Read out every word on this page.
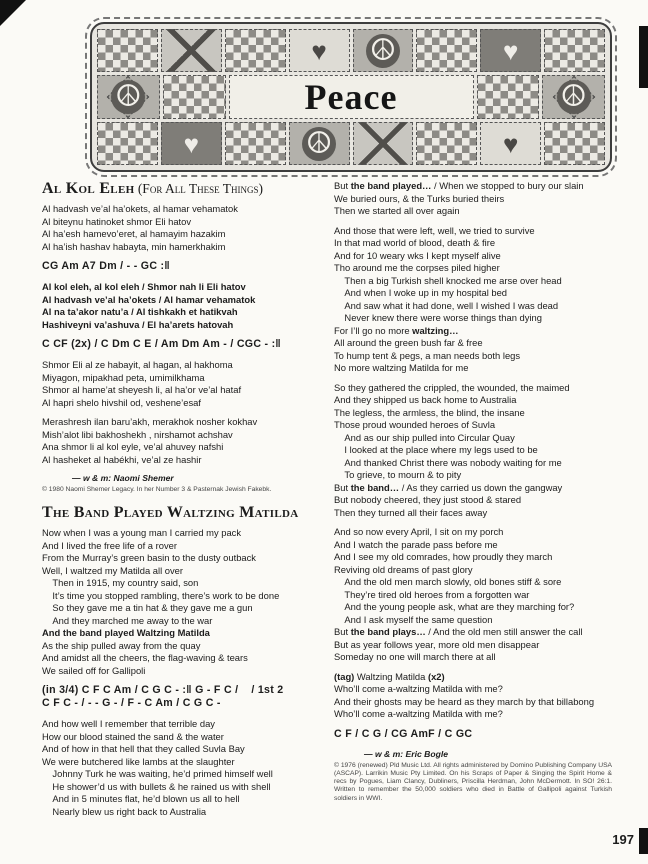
197
♥ ☮	♥
☮	Peace	☮
♥	☮	♥
Al Kol Eleh (For All These Things)
Al hadvash ve’al ha’okets, al hamar vehamatok
Al biteynu hatinoket shmor Eli hatov
Al ha’esh hamevo’eret, al hamayim hazakim
Al ha’ish hashav habayta, min hamerkhakim
CG Am A7 Dm / - - GC :‖
Al kol eleh, al kol eleh / Shmor nah li Eli hatov
Al hadvash ve’al ha’okets / Al hamar vehamatok
Al na ta’akor natu’a / Al tishkakh et hatikvah
Hashiveyni va’ashuva / El ha’arets hatovah
C CF (2x) / C Dm C E / Am Dm Am - / CGC - :‖
Shmor Eli al ze habayit, al hagan, al hakhoma
Miyagon, mipakhad peta, umimilkhama
Shmor al hame’at sheyesh li, al ha’or ve’al hataf
Al hapri shelo hivshil od, veshene’esaf
Merashresh ilan baru’akh, merakhok nosher kokhav
Mish’alot libi bakhoshekh , nirshamot achshav
Ana shmor li al kol eyle, ve’al ahuvey nafshi
Al hasheket al habékhi, ve’al ze hashir
— w & m: Naomi Shemer
© 1980 Naomi Shemer Legacy. In her Number 3 & Pasternak Jewish Fakebk.
The Band Played Waltzing Matilda
Now when I was a young man I carried my pack
And I lived the free life of a rover
From the Murray’s green basin to the dusty outback
Well, I waltzed my Matilda all over
Then in 1915, my country said, son
It’s time you stopped rambling, there’s work to be done
So they gave me a tin hat & they gave me a gun
And they marched me away to the war
And the band played Waltzing Matilda
As the ship pulled away from the quay
And amidst all the cheers, the flag-waving & tears
We sailed off for Gallipoli
(in 3/4) C F C Am / C G C - :‖ G - F C /    / 1st 2
C F C - / - - G - / F - C Am / C G C -
And how well I remember that terrible day
How our blood stained the sand & the water
And of how in that hell that they called Suvla Bay
We were butchered like lambs at the slaughter
Johnny Turk he was waiting, he’d primed himself well
He shower’d us with bullets & he rained us with shell
And in 5 minutes flat, he’d blown us all to hell
Nearly blew us right back to Australia
But the band played… / When we stopped to bury our slain
We buried ours, & the Turks buried theirs
Then we started all over again
And those that were left, well, we tried to survive
In that mad world of blood, death & fire
And for 10 weary wks I kept myself alive
Tho around me the corpses piled higher
Then a big Turkish shell knocked me arse over head
And when I woke up in my hospital bed
And saw what it had done, well I wished I was dead
Never knew there were worse things than dying
For I’ll go no more waltzing…
All around the green bush far & free
To hump tent & pegs, a man needs both legs
No more waltzing Matilda for me
So they gathered the crippled, the wounded, the maimed
And they shipped us back home to Australia
The legless, the armless, the blind, the insane
Those proud wounded heroes of Suvla
And as our ship pulled into Circular Quay
I looked at the place where my legs used to be
And thanked Christ there was nobody waiting for me
To grieve, to mourn & to pity
But the band… / As they carried us down the gangway
But nobody cheered, they just stood & stared
Then they turned all their faces away
And so now every April, I sit on my porch
And I watch the parade pass before me
And I see my old comrades, how proudly they march
Reviving old dreams of past glory
And the old men march slowly, old bones stiff & sore
They’re tired old heroes from a forgotten war
And the young people ask, what are they marching for?
And I ask myself the same question
But the band plays… / And the old men still answer the call
But as year follows year, more old men disappear
Someday no one will march there at all
(tag) Waltzing Matilda (x2)
Who’ll come a-waltzing Matilda with me?
And their ghosts may be heard as they march by that billabong
Who’ll come a-waltzing Matilda with me?
C F / C G / CG AmF / C GC
— w & m: Eric Bogle
© 1976 (renewed) Pld Music Ltd. All rights administered by Domino Publishing Company USA (ASCAP). Larrikin Music Pty Limited. On his Scraps of Paper & Singing the Spirit Home & recs by Pogues, Liam Clancy, Dubliners, Priscilla Herdman, John McDermott. In SO! 26:1. Written to remember the 50,000 soldiers who died in Battle of Gallipoli against Turkish soldiers in WWI.
